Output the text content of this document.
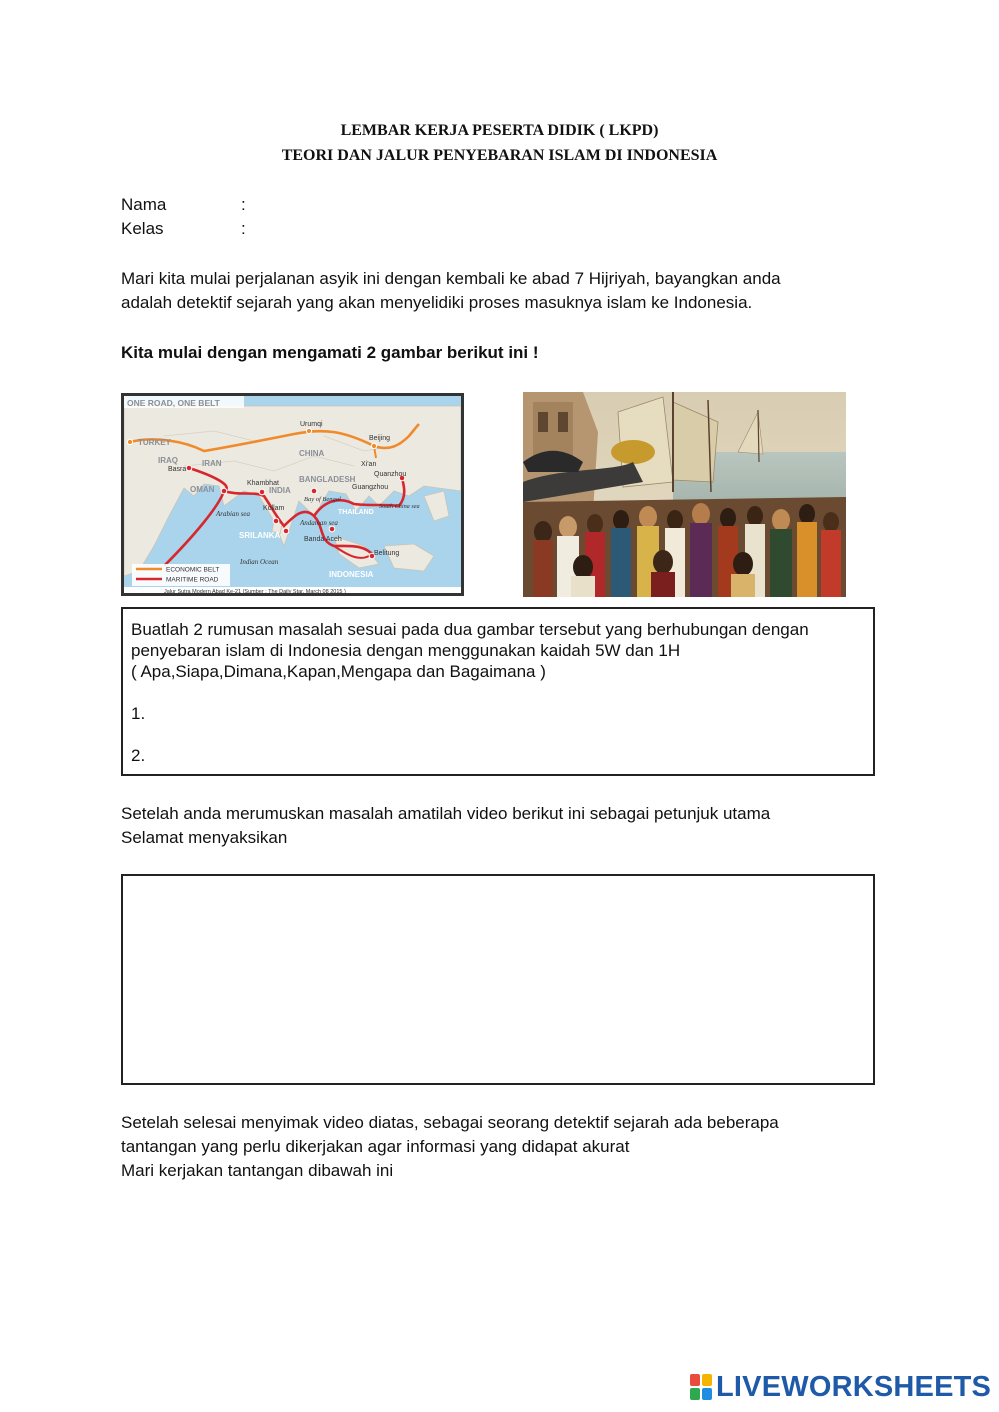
LEMBAR KERJA PESERTA DIDIK ( LKPD)
TEORI DAN JALUR PENYEBARAN ISLAM DI INDONESIA
Nama	:
Kelas	:
Mari kita mulai perjalanan asyik ini dengan kembali ke abad 7 Hijriyah, bayangkan anda
adalah detektif sejarah yang akan menyelidiki proses masuknya islam ke Indonesia.
Kita mulai dengan mengamati 2 gambar berikut ini !
ONE ROAD, ONE BELT
TURKEY
IRAQ
Basra
IRAN
OMAN
CHINA
Urumqi
Beijing
Xi'an
BANGLADESH
INDIA
Khambhat
Kollam
SRILANKA
Quanzhou
Guangzhou
THAILAND
INDONESIA
Banda Aceh
Belitung
Arabian sea
Bay of Bengal
Andaman sea
South China sea
Indian Ocean
ECONOMIC BELT
MARITIME ROAD
Jalur Sutra Modern Abad Ke-21 (Sumber : The Daily Star, March 08 2015 )
Buatlah 2 rumusan masalah sesuai pada dua gambar tersebut yang berhubungan dengan
penyebaran islam di Indonesia dengan menggunakan kaidah 5W dan 1H
( Apa,Siapa,Dimana,Kapan,Mengapa dan Bagaimana )
1.
2.
Setelah anda merumuskan masalah amatilah video berikut ini sebagai petunjuk utama
Selamat menyaksikan
Setelah selesai menyimak video diatas, sebagai seorang detektif sejarah ada beberapa
tantangan yang perlu dikerjakan agar informasi yang didapat akurat
Mari kerjakan tantangan dibawah ini
LIVEWORKSHEETS
